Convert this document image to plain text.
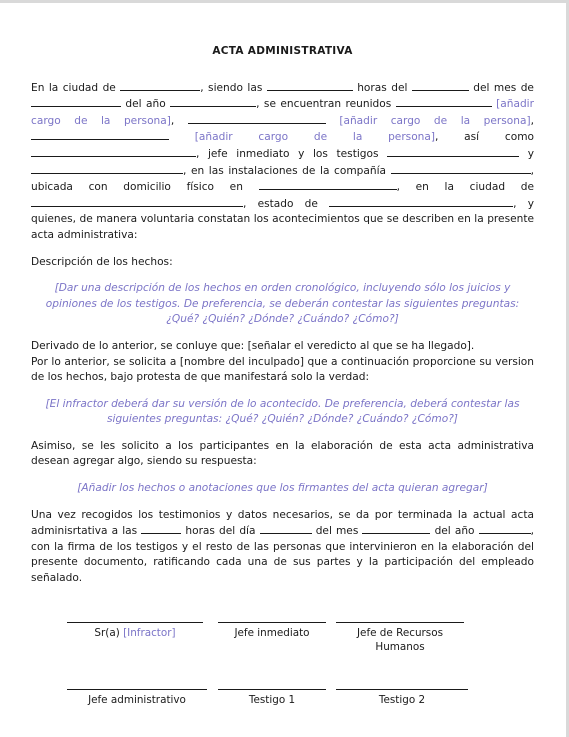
ACTA ADMINISTRATIVA

En la ciudad de	, siendo las	horas del	del mes de  del año	, se encuentran reunidos	[añadir cargo de la persona],	[añadir cargo de la persona],  [añadir cargo de la persona], así como , jefe inmediato y los testigos	y , en las instalaciones de la compañía	, ubicada con domicilio físico en	, en la ciudad de , estado de	, y quienes, de manera voluntaria constatan los acontecimientos que se describen en la presente acta administrativa:

Descripción de los hechos:

[Dar una descripción de los hechos en orden cronológico, incluyendo sólo los juicios y opiniones de los testigos. De preferencia, se deberán contestar las siguientes preguntas: ¿Qué? ¿Quién? ¿Dónde? ¿Cuándo? ¿Cómo?]

Derivado de lo anterior, se conluye que: [señalar el veredicto al que se ha llegado].

Por lo anterior, se solicita a [nombre del inculpado] que a continuación proporcione su version de los hechos, bajo protesta de que manifestará solo la verdad:

[El infractor deberá dar su versión de lo acontecido. De preferencia, deberá contestar las siguientes preguntas: ¿Qué? ¿Quién? ¿Dónde? ¿Cuándo? ¿Cómo?]

Asimiso, se les solicito a los participantes en la elaboración de esta acta administrativa desean agregar algo, siendo su respuesta:

[Añadir los hechos o anotaciones que los firmantes del acta quieran agregar]

Una vez recogidos los testimonios y datos necesarios, se da por terminada la actual acta adminisrtativa a las	horas del día	del mes	del año	, con la firma de los testigos y el resto de las personas que intervinieron en la elaboración del presente documento, ratificando cada una de sus partes y la participación del empleado señalado.

Sr(a) [Infractor]	Jefe inmediato	Jefe de Recursos Humanos
Jefe administrativo	Testigo 1	Testigo 2
